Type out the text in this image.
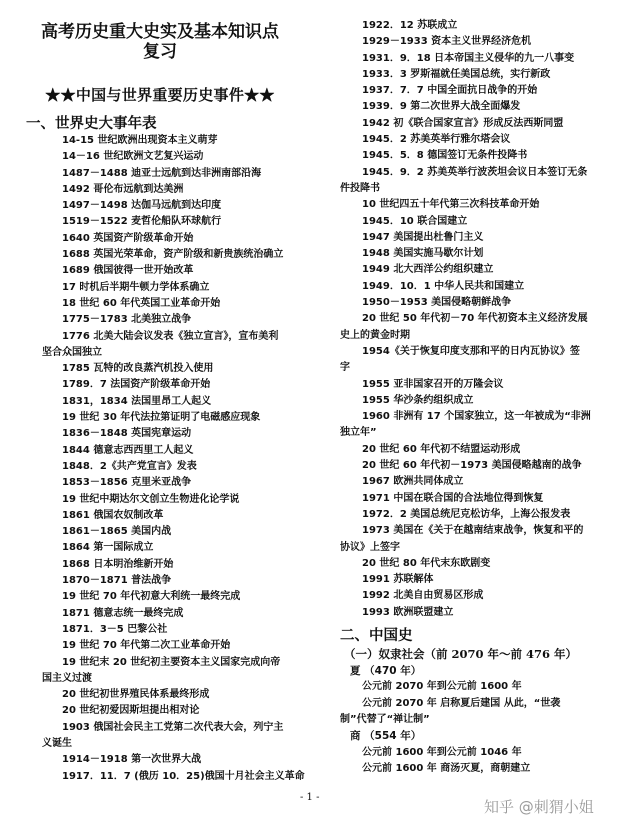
高考历史重大史实及基本知识点
复习
★★中国与世界重要历史事件★★
一、世界史大事年表
14-15 世纪欧洲出现资本主义萌芽
14－16 世纪欧洲文艺复兴运动
1487－1488 迪亚士远航到达非洲南部沿海
1492 哥伦布远航到达美洲
1497－1498 达伽马远航到达印度
1519－1522 麦哲伦船队环球航行
1640 英国资产阶级革命开始
1688 英国光荣革命，资产阶级和新贵族统治确立
1689 俄国彼得一世开始改革
17 时机后半期牛顿力学体系确立
18 世纪 60 年代英国工业革命开始
1775－1783 北美独立战争
1776 北美大陆会议发表《独立宣言》，宣布美利
坚合众国独立
1785 瓦特的改良蒸汽机投入使用
1789．7 法国资产阶级革命开始
1831，1834 法国里昂工人起义
19 世纪 30 年代法拉第证明了电磁感应现象
1836－1848 英国宪章运动
1844 德意志西西里工人起义
1848．2《共产党宣言》发表
1853－1856 克里米亚战争
19 世纪中期达尔文创立生物进化论学说
1861 俄国农奴制改革
1861－1865 美国内战
1864 第一国际成立
1868 日本明治维新开始
1870－1871 普法战争
19 世纪 70 年代初意大利统一最终完成
1871 德意志统一最终完成
1871．3－5 巴黎公社
19 世纪 70 年代第二次工业革命开始
19 世纪末 20 世纪初主要资本主义国家完成向帝
国主义过渡
20 世纪初世界殖民体系最终形成
20 世纪初爱因斯坦提出相对论
1903 俄国社会民主工党第二次代表大会，列宁主
义诞生
1914－1918 第一次世界大战
1917．11．7 (俄历 10．25)俄国十月社会主义革命
1922．12 苏联成立
1929－1933 资本主义世界经济危机
1931．9．18 日本帝国主义侵华的九一八事变
1933．3 罗斯福就任美国总统，实行新政
1937．7．7 中国全面抗日战争的开始
1939．9 第二次世界大战全面爆发
1942 初《联合国家宣言》形成反法西斯同盟
1945．2 苏美英举行雅尔塔会议
1945．5．8 德国签订无条件投降书
1945．9．2 苏美英举行波茨坦会议日本签订无条
件投降书
10 世纪四五十年代第三次科技革命开始
1945．10 联合国建立
1947 美国提出杜鲁门主义
1948 美国实施马歇尔计划
1949 北大西洋公约组织建立
1949．10．1 中华人民共和国建立
1950－1953 美国侵略朝鲜战争
20 世纪 50 年代初－70 年代初资本主义经济发展
史上的黄金时期
1954《关于恢复印度支那和平的日内瓦协议》签
字
1955 亚非国家召开的万隆会议
1955 华沙条约组织成立
1960 非洲有 17 个国家独立，这一年被成为“非洲
独立年”
20 世纪 60 年代初不结盟运动形成
20 世纪 60 年代初－1973 美国侵略越南的战争
1967 欧洲共同体成立
1971 中国在联合国的合法地位得到恢复
1972．2 美国总统尼克松访华，上海公报发表
1973 美国在《关于在越南结束战争，恢复和平的
协议》上签字
20 世纪 80 年代末东欧剧变
1991 苏联解体
1992 北美自由贸易区形成
1993 欧洲联盟建立
二、中国史
（一）奴隶社会（前 2070 年～前 476 年）
夏 （470 年）
公元前 2070 年到公元前 1600 年
公元前 2070 年 启称夏后建国 从此，“世袭
制”代替了“禅让制”
商 （554 年）
公元前 1600 年到公元前 1046 年
公元前 1600 年 商汤灭夏，商朝建立
- 1 -
知乎 @刺猬小姐
